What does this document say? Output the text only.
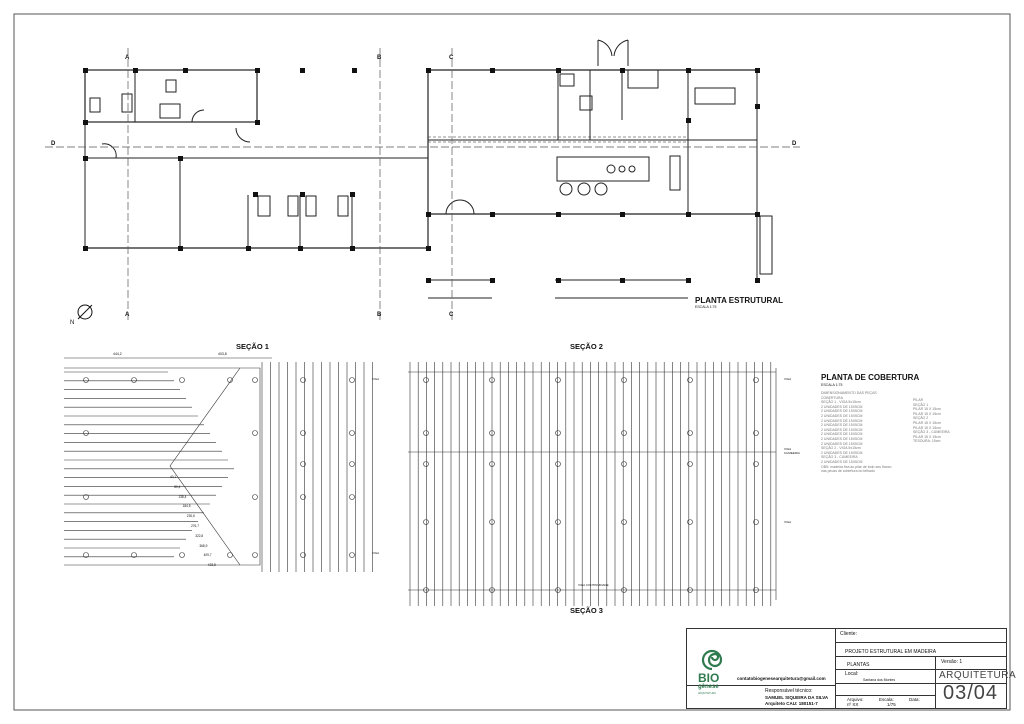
A
A
B
B
C
C
D	D
N
PLANTA ESTRUTURAL
ESCALA 1:75
SEÇÃO 1	SEÇÃO 2
SEÇÃO 3
444,2	403,8
VIGA
VIGA
40,1
80,4
138,4
184,5
230,6
276,7
322,8
368,9
409,7
433,8
VIGA
VIGA CUMEEIRA
VIGA
VIGA CONTINUIDADE
PLANTA DE COBERTURA
ESCALA 1:75
DIMENSIONAMENTO DAS PEÇAS
COBERTURA
SEÇÃO 1 - VIGA 5x15cm
2 UNIDADES DE 15X5CM
2 UNIDADES DE 15X5CM
2 UNIDADES DE 15X5CM
2 UNIDADES DE 15X5CM
2 UNIDADES DE 15X5CM
2 UNIDADES DE 15X5CM
2 UNIDADES DE 15X5CM
2 UNIDADES DE 15X5CM
2 UNIDADES DE 15X5CM
SEÇÃO 2 - VIGA 5x15cm
2 UNIDADES DE 15X5CM
SEÇÃO 3 - CUMEEIRA
2 UNIDADES DE 15X5CM
OBS: madeira fixa ao pilar de todo seu flanco
nas pecas de cobertura do telhado
PILAR
SEÇÃO 1
PILAR 15 X 15cm
PILAR 15 X 15cm
SEÇÃO 2
PILAR 15 X 15cm
PILAR 15 X 15cm
SEÇÃO 3 - CUMEEIRA
PILAR 15 X 15cm
TESOURA: 15cm
Cliente:
PROJETO ESTRUTURAL EM MADEIRA
PLANTAS	Versão: 1
Local:
Santana dos Montes	ARQUITETURA
03/04
Arquivo:
nº XX
Escala:
1/75
Data:
contatobiogenesearquitetura@gmail.com
Responsável técnico:
SAMUEL SIQUEIRA DA SILVA
Arquiteto CAU: 180151-7
BIO
gênese
ARQUITETURA
